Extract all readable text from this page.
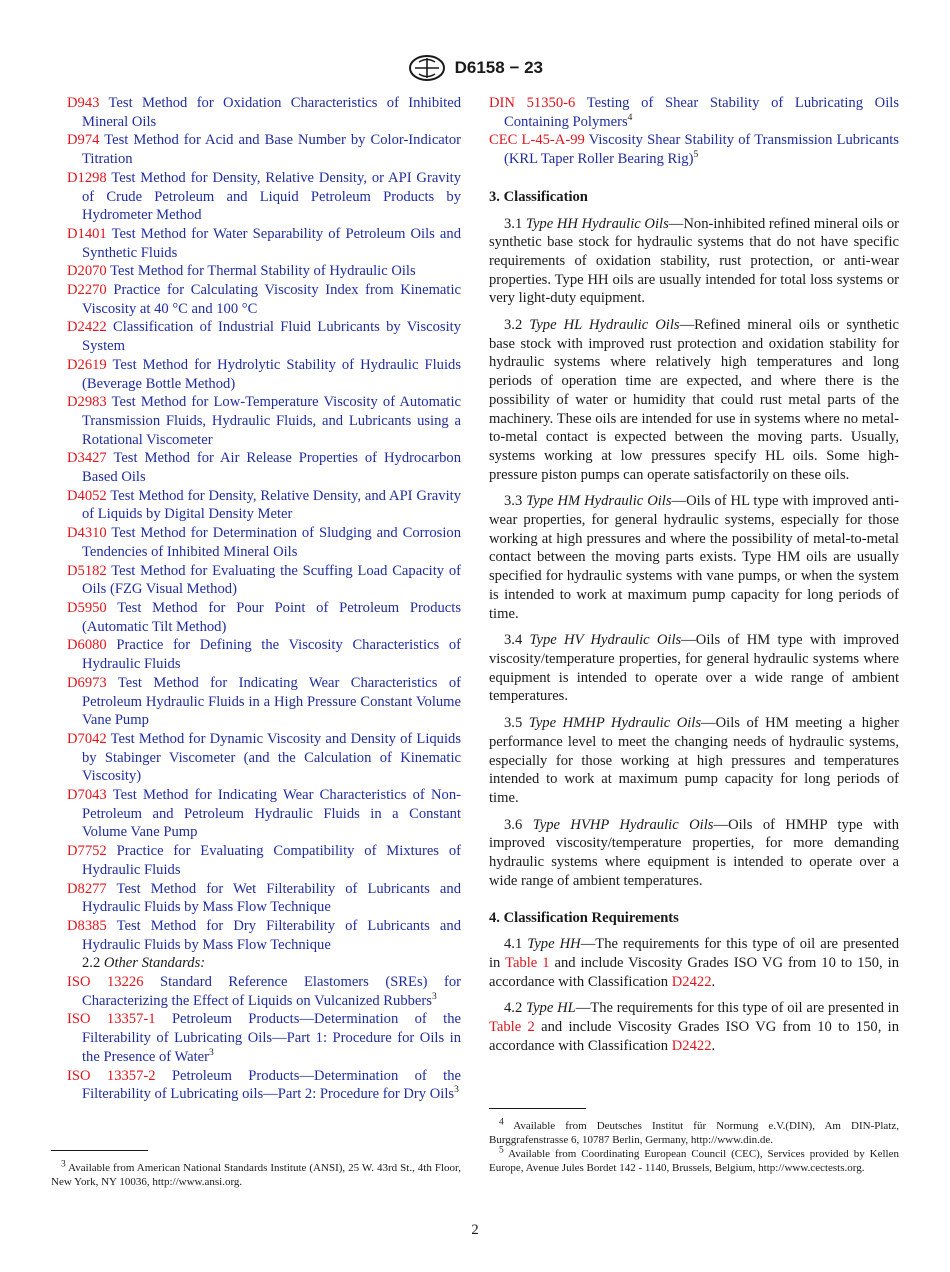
D6158 − 23

D943 Test Method for Oxidation Characteristics of Inhibited Mineral Oils

D974 Test Method for Acid and Base Number by Color-Indicator Titration

D1298 Test Method for Density, Relative Density, or API Gravity of Crude Petroleum and Liquid Petroleum Products by Hydrometer Method

D1401 Test Method for Water Separability of Petroleum Oils and Synthetic Fluids

D2070 Test Method for Thermal Stability of Hydraulic Oils

D2270 Practice for Calculating Viscosity Index from Kinematic Viscosity at 40 °C and 100 °C

D2422 Classification of Industrial Fluid Lubricants by Viscosity System

D2619 Test Method for Hydrolytic Stability of Hydraulic Fluids (Beverage Bottle Method)

D2983 Test Method for Low-Temperature Viscosity of Automatic Transmission Fluids, Hydraulic Fluids, and Lubricants using a Rotational Viscometer

D3427 Test Method for Air Release Properties of Hydrocarbon Based Oils

D4052 Test Method for Density, Relative Density, and API Gravity of Liquids by Digital Density Meter

D4310 Test Method for Determination of Sludging and Corrosion Tendencies of Inhibited Mineral Oils

D5182 Test Method for Evaluating the Scuffing Load Capacity of Oils (FZG Visual Method)

D5950 Test Method for Pour Point of Petroleum Products (Automatic Tilt Method)

D6080 Practice for Defining the Viscosity Characteristics of Hydraulic Fluids

D6973 Test Method for Indicating Wear Characteristics of Petroleum Hydraulic Fluids in a High Pressure Constant Volume Vane Pump

D7042 Test Method for Dynamic Viscosity and Density of Liquids by Stabinger Viscometer (and the Calculation of Kinematic Viscosity)

D7043 Test Method for Indicating Wear Characteristics of Non-Petroleum and Petroleum Hydraulic Fluids in a Constant Volume Vane Pump

D7752 Practice for Evaluating Compatibility of Mixtures of Hydraulic Fluids

D8277 Test Method for Wet Filterability of Lubricants and Hydraulic Fluids by Mass Flow Technique

D8385 Test Method for Dry Filterability of Lubricants and Hydraulic Fluids by Mass Flow Technique

2.2 Other Standards:

ISO 13226 Standard Reference Elastomers (SREs) for Characterizing the Effect of Liquids on Vulcanized Rubbers$^3$

ISO 13357-1 Petroleum Products—Determination of the Filterability of Lubricating Oils—Part 1: Procedure for Oils in the Presence of Water$^3$

ISO 13357-2 Petroleum Products—Determination of the Filterability of Lubricating oils—Part 2: Procedure for Dry Oils$^3$

DIN 51350-6 Testing of Shear Stability of Lubricating Oils Containing Polymers$^4$

CEC L-45-A-99 Viscosity Shear Stability of Transmission Lubricants (KRL Taper Roller Bearing Rig)$^5$

3. Classification

3.1 Type HH Hydraulic Oils—Non-inhibited refined mineral oils or synthetic base stock for hydraulic systems that do not have specific requirements of oxidation stability, rust protection, or anti-wear properties. Type HH oils are usually intended for total loss systems or very light-duty equipment.

3.2 Type HL Hydraulic Oils—Refined mineral oils or synthetic base stock with improved rust protection and oxidation stability for hydraulic systems where relatively high temperatures and long periods of operation time are expected, and where there is the possibility of water or humidity that could rust metal parts of the machinery. These oils are intended for use in systems where no metal-to-metal contact is expected between the moving parts. Usually, systems working at low pressures specify HL oils. Some high-pressure piston pumps can operate satisfactorily on these oils.

3.3 Type HM Hydraulic Oils—Oils of HL type with improved anti-wear properties, for general hydraulic systems, especially for those working at high pressures and where the possibility of metal-to-metal contact between the moving parts exists. Type HM oils are usually specified for hydraulic systems with vane pumps, or when the system is intended to work at maximum pump capacity for long periods of time.

3.4 Type HV Hydraulic Oils—Oils of HM type with improved viscosity/temperature properties, for general hydraulic systems where equipment is intended to operate over a wide range of ambient temperatures.

3.5 Type HMHP Hydraulic Oils—Oils of HM meeting a higher performance level to meet the changing needs of hydraulic systems, especially for those working at high pressures and temperatures intended to work at maximum pump capacity for long periods of time.

3.6 Type HVHP Hydraulic Oils—Oils of HMHP type with improved viscosity/temperature properties, for more demanding hydraulic systems where equipment is intended to operate over a wide range of ambient temperatures.

4. Classification Requirements

4.1 Type HH—The requirements for this type of oil are presented in Table 1 and include Viscosity Grades ISO VG from 10 to 150, in accordance with Classification D2422.

4.2 Type HL—The requirements for this type of oil are presented in Table 2 and include Viscosity Grades ISO VG from 10 to 150, in accordance with Classification D2422.

$^3$ Available from American National Standards Institute (ANSI), 25 W. 43rd St., 4th Floor, New York, NY 10036, http://www.ansi.org.

$^4$ Available from Deutsches Institut für Normung e.V.(DIN), Am DIN-Platz, Burggrafenstrasse 6, 10787 Berlin, Germany, http://www.din.de.

$^5$ Available from Coordinating European Council (CEC), Services provided by Kellen Europe, Avenue Jules Bordet 142 - 1140, Brussels, Belgium, http://www.cectests.org.

2
